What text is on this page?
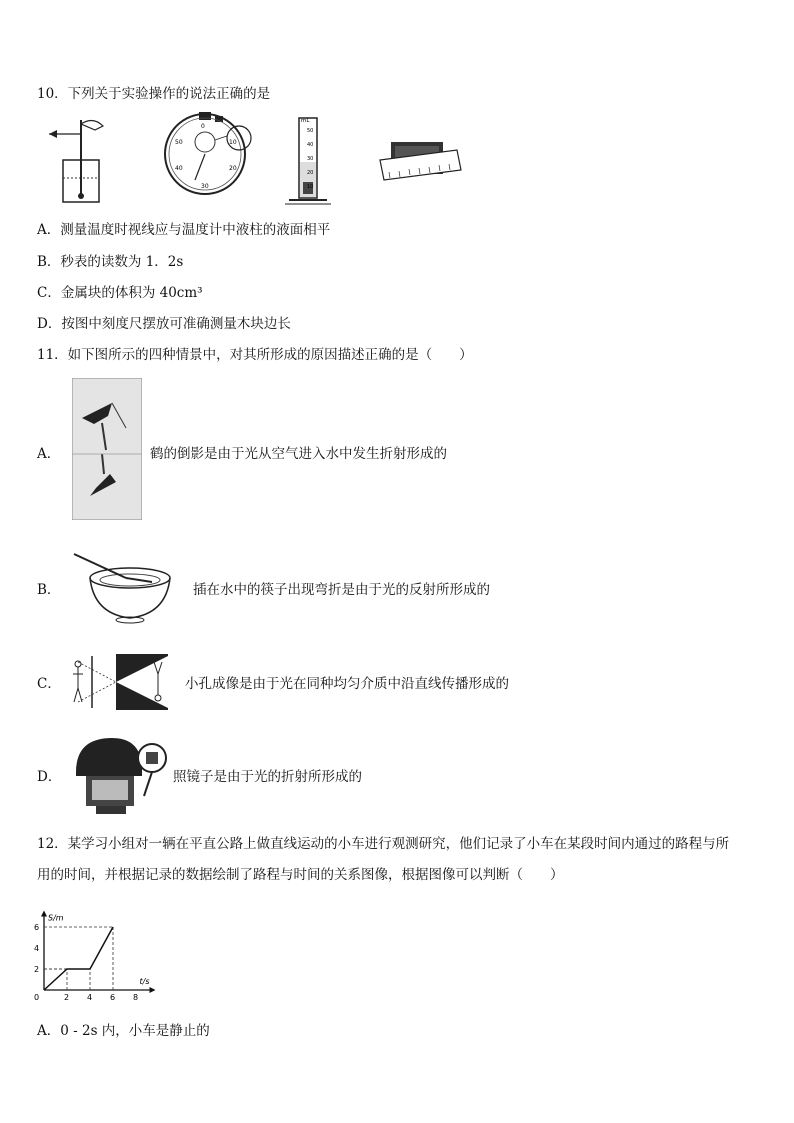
10．下列关于实验操作的说法正确的是
0
10
20
30
40
50
mL
50
40
30
20
10
A．测量温度时视线应与温度计中液柱的液面相平
B．秒表的读数为 1．2s
C．金属块的体积为 40cm³
D．按图中刻度尺摆放可准确测量木块边长
11．如下图所示的四种情景中，对其所形成的原因描述正确的是（　　）
A．	鹤的倒影是由于光从空气进入水中发生折射形成的
B．	插在水中的筷子出现弯折是由于光的反射所形成的
C．	小孔成像是由于光在同种均匀介质中沿直线传播形成的
D．	照镜子是由于光的折射所形成的
12．某学习小组对一辆在平直公路上做直线运动的小车进行观测研究，他们记录了小车在某段时间内通过的路程与所
用的时间，并根据记录的数据绘制了路程与时间的关系图像，根据图像可以判断（　　）
S/m
t/s
0	2 4 6 8
2
4
6
A．0 - 2s 内，小车是静止的
